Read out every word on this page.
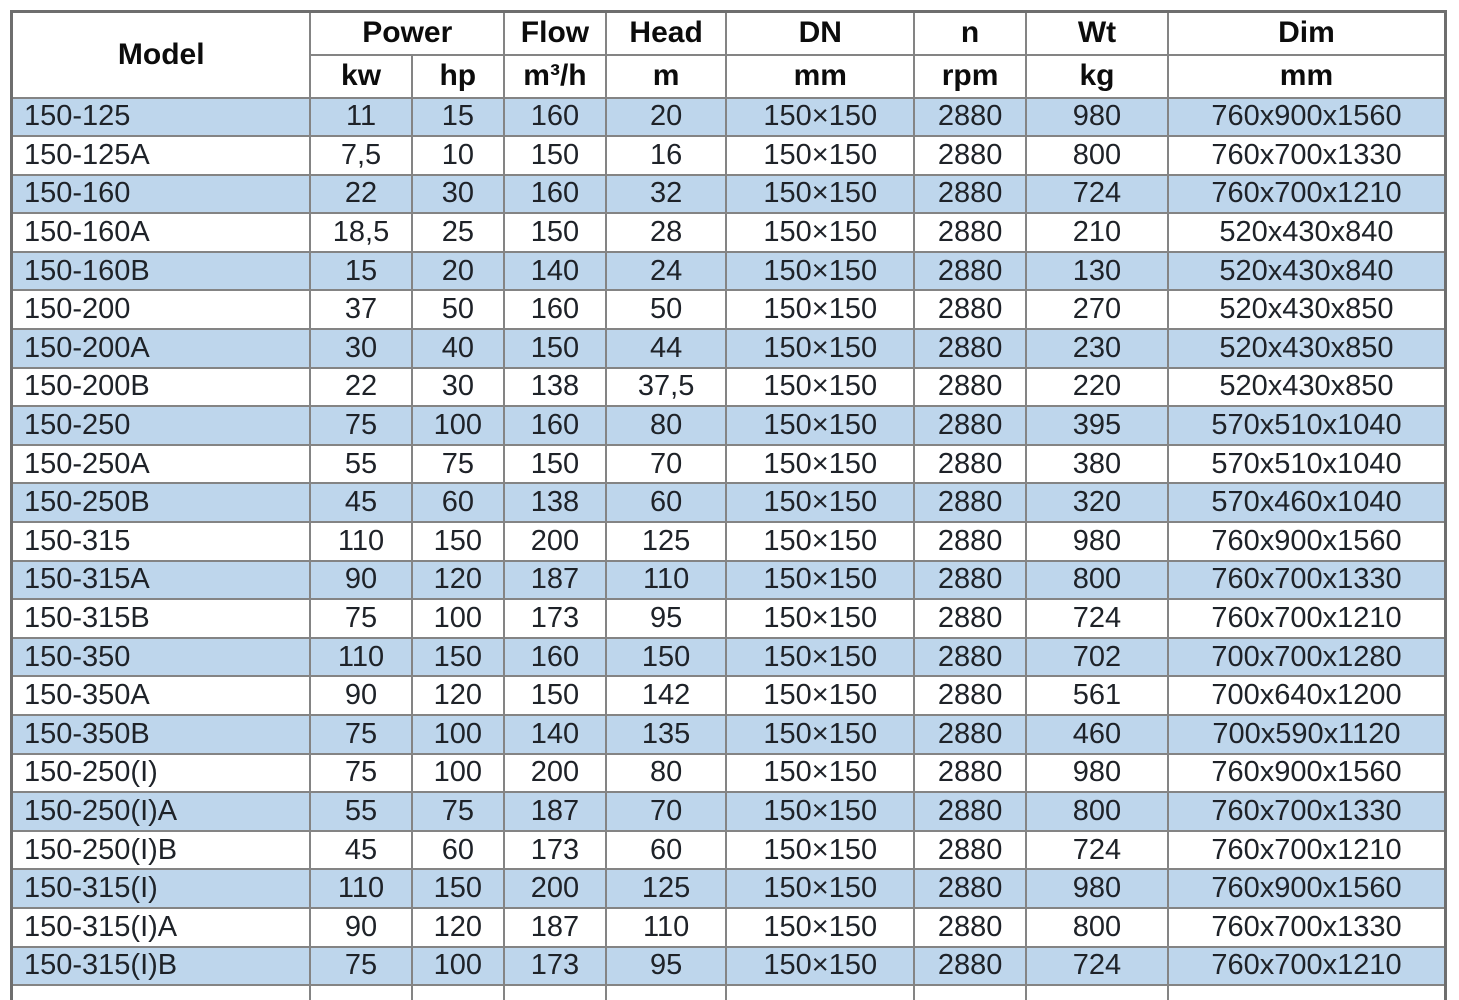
Model	Power		Flow	Head	DN	n	Wt	Dim
	kw	hp	m³/h	m	mm	rpm	kg	mm
150-125	11	15	160	20	150×150	2880	980	760x900x1560
150-125A	7,5	10	150	16	150×150	2880	800	760x700x1330
150-160	22	30	160	32	150×150	2880	724	760x700x1210
150-160A	18,5	25	150	28	150×150	2880	210	520x430x840
150-160B	15	20	140	24	150×150	2880	130	520x430x840
150-200	37	50	160	50	150×150	2880	270	520x430x850
150-200A	30	40	150	44	150×150	2880	230	520x430x850
150-200B	22	30	138	37,5	150×150	2880	220	520x430x850
150-250	75	100	160	80	150×150	2880	395	570x510x1040
150-250A	55	75	150	70	150×150	2880	380	570x510x1040
150-250B	45	60	138	60	150×150	2880	320	570x460x1040
150-315	110	150	200	125	150×150	2880	980	760x900x1560
150-315A	90	120	187	110	150×150	2880	800	760x700x1330
150-315B	75	100	173	95	150×150	2880	724	760x700x1210
150-350	110	150	160	150	150×150	2880	702	700x700x1280
150-350A	90	120	150	142	150×150	2880	561	700x640x1200
150-350B	75	100	140	135	150×150	2880	460	700x590x1120
150-250(I)	75	100	200	80	150×150	2880	980	760x900x1560
150-250(I)A	55	75	187	70	150×150	2880	800	760x700x1330
150-250(I)B	45	60	173	60	150×150	2880	724	760x700x1210
150-315(I)	110	150	200	125	150×150	2880	980	760x900x1560
150-315(I)A	90	120	187	110	150×150	2880	800	760x700x1330
150-315(I)B	75	100	173	95	150×150	2880	724	760x700x1210
